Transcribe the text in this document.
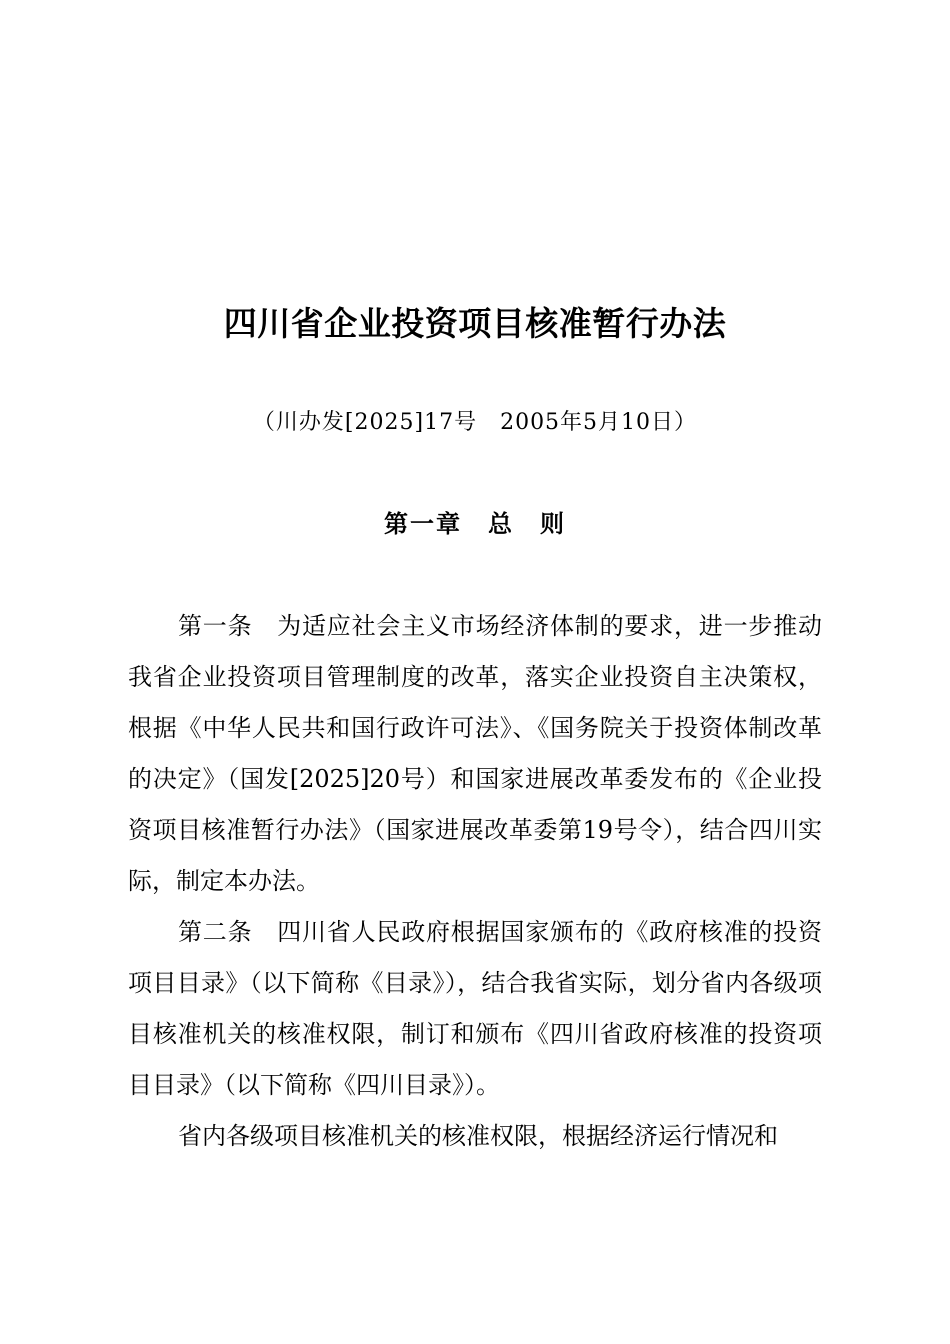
四川省企业投资项目核准暂行办法
（川办发[2025]17号　2005年5月10日）
第一章　总　则

第一条　为适应社会主义市场经济体制的要求，进一步推动我省企业投资项目管理制度的改革，落实企业投资自主决策权，根据《中华人民共和国行政许可法》、《国务院关于投资体制改革的决定》（国发[2025]20号）和国家进展改革委发布的《企业投资项目核准暂行办法》（国家进展改革委第19号令），结合四川实际，制定本办法。

第二条　四川省人民政府根据国家颁布的《政府核准的投资项目目录》（以下简称《目录》），结合我省实际，划分省内各级项目核准机关的核准权限，制订和颁布《四川省政府核准的投资项目目录》（以下简称《四川目录》）。

省内各级项目核准机关的核准权限，根据经济运行情况和
